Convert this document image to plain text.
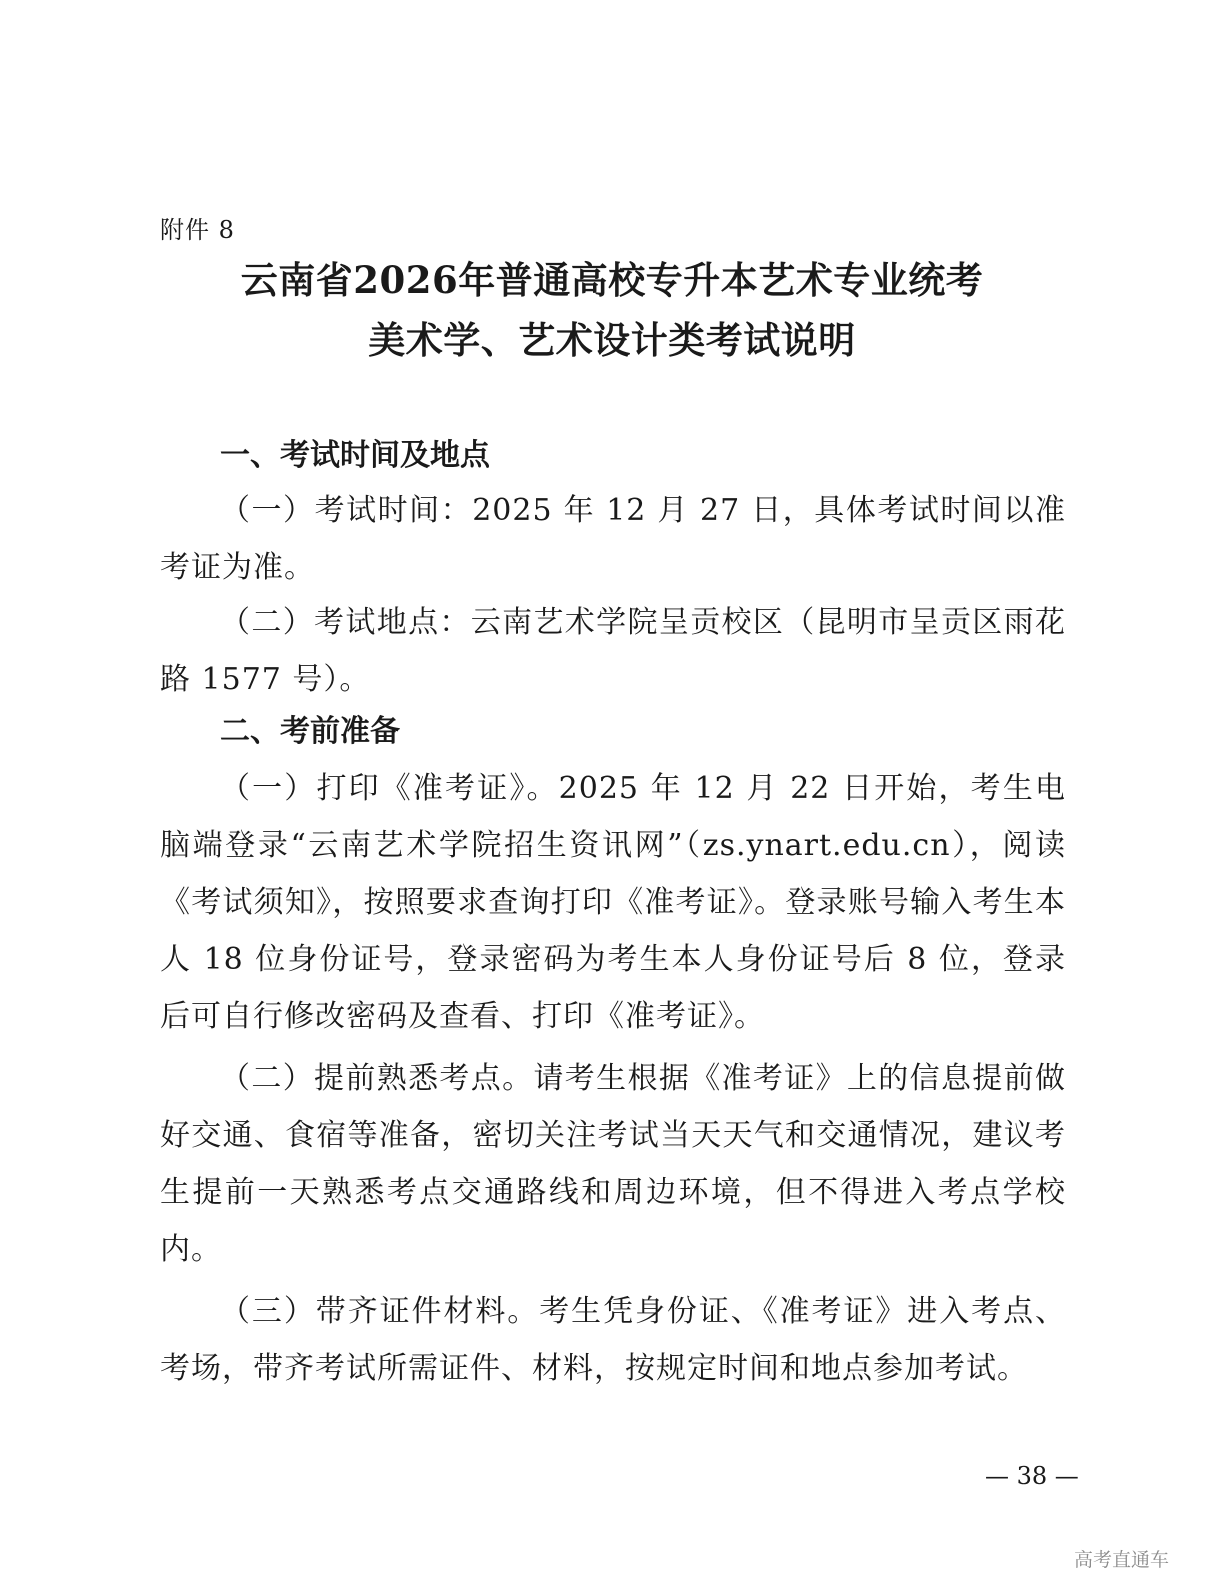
附件 8
云南省2026年普通高校专升本艺术专业统考
美术学、艺术设计类考试说明
一、考试时间及地点
（一）考试时间：2025 年 12 月 27 日，具体考试时间以准考证为准。
（二）考试地点：云南艺术学院呈贡校区（昆明市呈贡区雨花路 1577 号）。
二、考前准备
（一）打印《准考证》。2025 年 12 月 22 日开始，考生电脑端登录“云南艺术学院招生资讯网”（zs.ynart.edu.cn），阅读《考试须知》，按照要求查询打印《准考证》。登录账号输入考生本人 18 位身份证号，登录密码为考生本人身份证号后 8 位，登录后可自行修改密码及查看、打印《准考证》。
（二）提前熟悉考点。请考生根据《准考证》上的信息提前做好交通、食宿等准备，密切关注考试当天天气和交通情况，建议考生提前一天熟悉考点交通路线和周边环境，但不得进入考点学校内。
（三）带齐证件材料。考生凭身份证、《准考证》进入考点、考场，带齐考试所需证件、材料，按规定时间和地点参加考试。
— 38 —
高考直通车
